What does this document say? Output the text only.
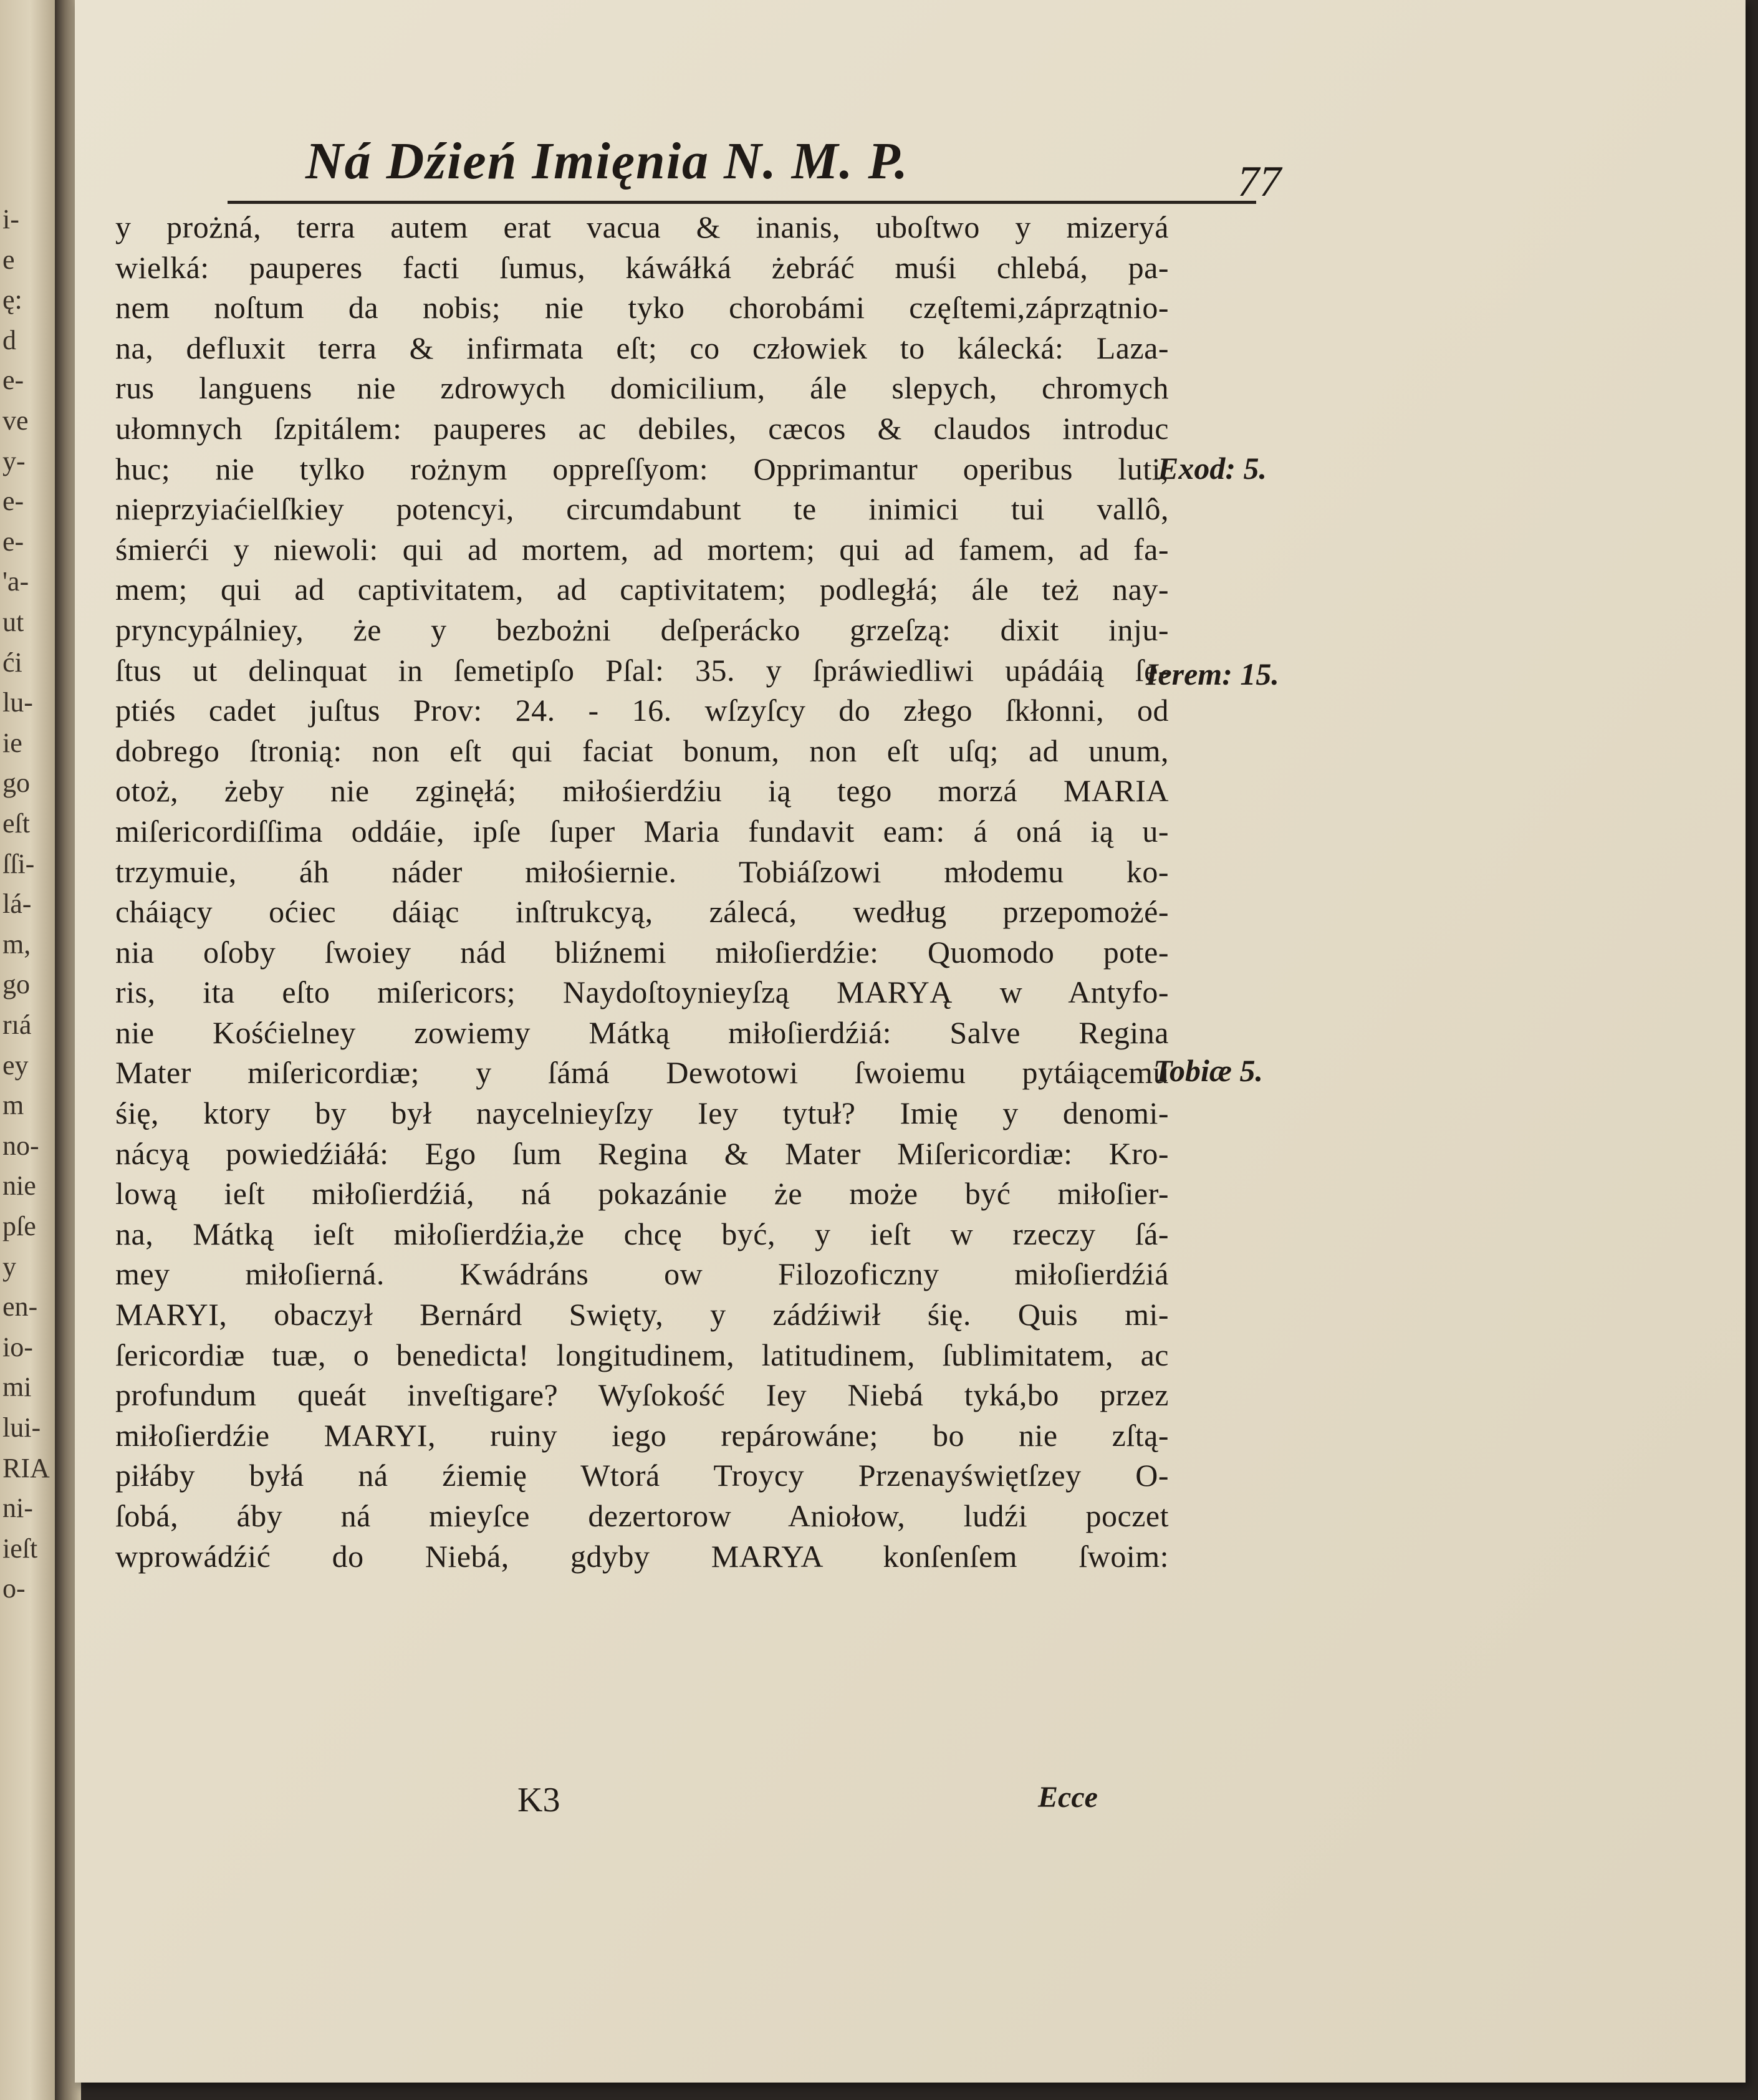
i-
e
ę:
d
e-
ve
y-
e-
e-
'a-
ut
ći
lu-
ie
go
eſt
ſſi-
lá-
m,
go
rıá
ey
m
no-
nie
pſe
y
en-
io-
mi
lui-
RIA
ni-
ieſt
o-
Ná Dźień Imięnia N. M. P.	77
y prożná, terra autem erat vacua & inanis, uboſtwo y mizeryá
wielká: pauperes facti ſumus, káwáłká żebráć muśi chlebá, pa-
nem noſtum da nobis; nie tyko chorobámi częſtemi,záprzątnio-
na, defluxit terra & infirmata eſt; co człowiek to kálecká: Laza-
rus languens nie zdrowych domicilium, ále slepych, chromych
ułomnych ſzpitálem: pauperes ac debiles, cæcos & claudos introduc
huc; nie tylko rożnym oppreſſyom: Opprimantur operibus luti,
nieprzyiaćielſkiey potencyi, circumdabunt te inimici tui vallô,
śmierći y niewoli: qui ad mortem, ad mortem; qui ad famem, ad fa-
mem; qui ad captivitatem, ad captivitatem; podległá; ále też nay-
pryncypálniey, że y bezbożni deſperácko grzeſzą: dixit inju-
ſtus ut delinquat in ſemetipſo Pſal: 35. y ſpráwiedliwi upádáią ſe-
ptiés cadet juſtus Prov: 24. - 16. wſzyſcy do złego ſkłonni, od
dobrego ſtronią: non eſt qui faciat bonum, non eſt uſq; ad unum,
otoż, żeby nie zginęłá; miłośierdźiu ią tego morzá MARIA
miſericordiſſima oddáie, ipſe ſuper Maria fundavit eam: á oná ią u-
trzymuie, áh náder miłośiernie. Tobiáſzowi młodemu ko-
cháiący oćiec dáiąc inſtrukcyą, zálecá, według przepomożé-
nia oſoby ſwoiey nád bliźnemi miłoſierdźie: Quomodo pote-
ris, ita eſto miſericors; Naydoſtoynieyſzą MARYĄ w Antyfo-
nie Kośćielney zowiemy Mátką miłoſierdźiá: Salve Regina
Mater miſericordiæ; y ſámá Dewotowi ſwoiemu pytáiącemu
śię, ktory by był naycelnieyſzy Iey tytuł? Imię y denomi-
nácyą powiedźiáłá: Ego ſum Regina & Mater Miſericordiæ: Kro-
lową ieſt miłoſierdźiá, ná pokazánie że może być miłoſier-
na, Mátką ieſt miłoſierdźia,że chcę być, y ieſt w rzeczy ſá-
mey miłoſierná. Kwádráns ow Filozoficzny miłoſierdźiá
MARYI, obaczył Bernárd Swięty, y zádźiwił śię. Quis mi-
ſericordiæ tuæ, o benedicta! longitudinem, latitudinem, ſublimitatem, ac
profundum queát inveſtigare? Wyſokość Iey Niebá tyká,bo przez
miłoſierdźie MARYI, ruiny iego repárowáne; bo nie zſtą-
piłáby byłá ná źiemię Wtorá Troycy Przenayświętſzey O-
ſobá, áby ná mieyſce dezertorow Aniołow, ludźi poczet
wprowádźić do Niebá, gdyby MARYA konſenſem ſwoim:
Exod: 5.
Ierem: 15.
Tobiæ 5.
K3	Ecce
